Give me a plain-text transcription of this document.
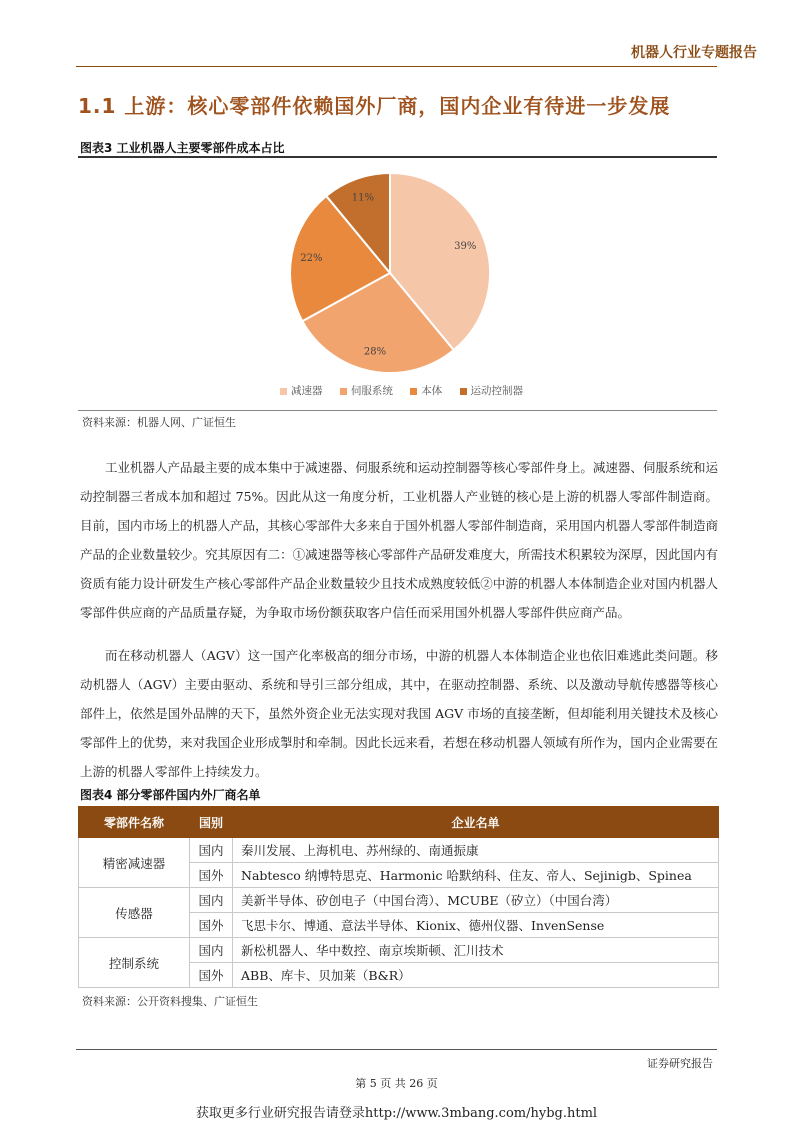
机器人行业专题报告
1.1 上游：核心零部件依赖国外厂商，国内企业有待进一步发展
图表3 工业机器人主要零部件成本占比
39%
28%
22%
11%
减速器	伺服系统	本体	运动控制器
资料来源：机器人网、广证恒生

工业机器人产品最主要的成本集中于减速器、伺服系统和运动控制器等核心零部件身上。减速器、伺服系统和运动控制器三者成本加和超过 75%。因此从这一角度分析，工业机器人产业链的核心是上游的机器人零部件制造商。目前，国内市场上的机器人产品，其核心零部件大多来自于国外机器人零部件制造商，采用国内机器人零部件制造商产品的企业数量较少。究其原因有二：①减速器等核心零部件产品研发难度大，所需技术积累较为深厚，因此国内有资质有能力设计研发生产核心零部件产品企业数量较少且技术成熟度较低②中游的机器人本体制造企业对国内机器人零部件供应商的产品质量存疑，为争取市场份额获取客户信任而采用国外机器人零部件供应商产品。

而在移动机器人（AGV）这一国产化率极高的细分市场，中游的机器人本体制造企业也依旧难逃此类问题。移动机器人（AGV）主要由驱动、系统和导引三部分组成，其中，在驱动控制器、系统、以及激动导航传感器等核心部件上，依然是国外品牌的天下，虽然外资企业无法实现对我国 AGV 市场的直接垄断，但却能利用关键技术及核心零部件上的优势，来对我国企业形成掣肘和牵制。因此长远来看，若想在移动机器人领域有所作为，国内企业需要在上游的机器人零部件上持续发力。

图表4 部分零部件国内外厂商名单
零部件名称	国别	企业名单
精密减速器	国内	秦川发展、上海机电、苏州绿的、南通振康
	国外	Nabtesco 纳博特思克、Harmonic 哈默纳科、住友、帝人、Sejinigb、Spinea
传感器	国内	美新半导体、矽创电子（中国台湾）、MCUBE（矽立）（中国台湾）
	国外	飞思卡尔、博通、意法半导体、Kionix、德州仪器、InvenSense
控制系统	国内	新松机器人、华中数控、南京埃斯顿、汇川技术
	国外	ABB、库卡、贝加莱（B&R）
资料来源：公开资料搜集、广证恒生
证券研究报告
第 5 页 共 26 页
获取更多行业研究报告请登录http://www.3mbang.com/hybg.html
